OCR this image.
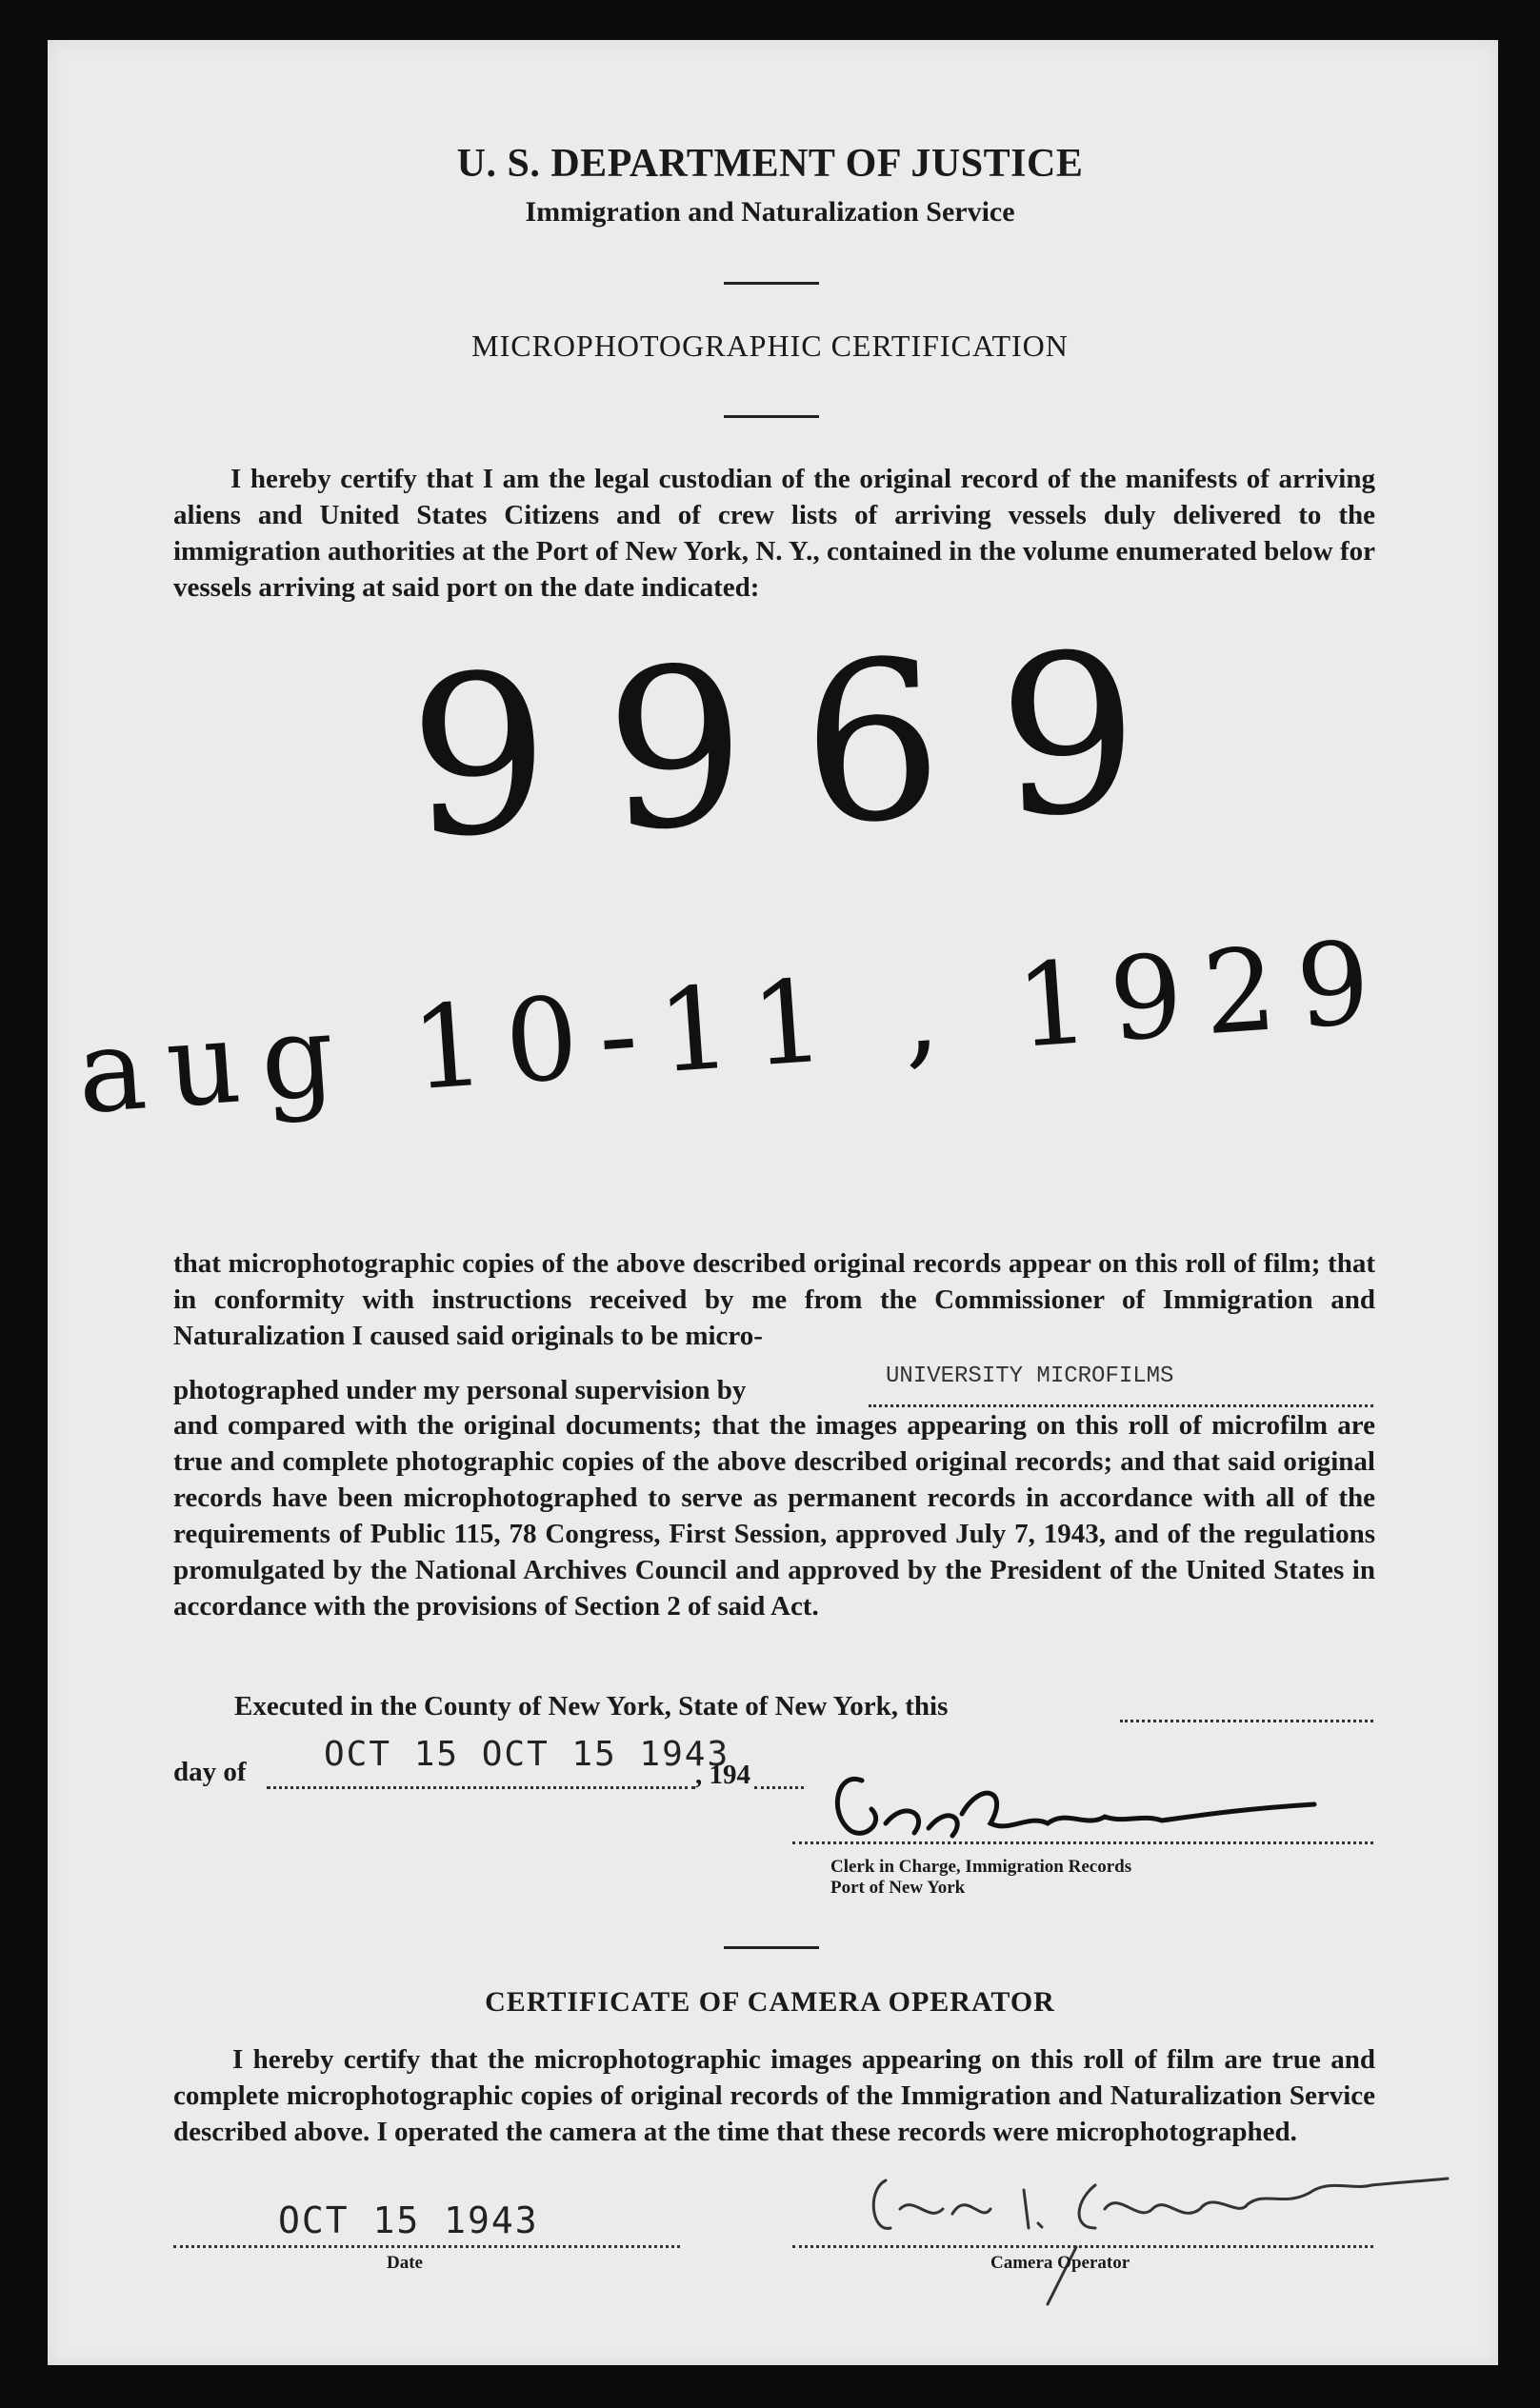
U. S. DEPARTMENT OF JUSTICE
Immigration and Naturalization Service
MICROPHOTOGRAPHIC CERTIFICATION

I hereby certify that I am the legal custodian of the original record of the manifests of arriving aliens and United States Citizens and of crew lists of arriving vessels duly delivered to the immigration authorities at the Port of New York, N. Y., contained in the volume enumerated below for vessels arriving at said port on the date indicated:

9969
aug 10-11 , 1929

that microphotographic copies of the above described original records appear on this roll of film; that in conformity with instructions received by me from the Commissioner of Immigration and Naturalization I caused said originals to be micro-

photographed under my personal supervision by	UNIVERSITY MICROFILMS

and compared with the original documents; that the images appearing on this roll of microfilm are true and complete photographic copies of the above described original records; and that said original records have been microphotographed to serve as permanent records in accordance with all of the requirements of Public 115, 78 Congress, First Session, approved July 7, 1943, and of the regulations promulgated by the National Archives Council and approved by the President of the United States in accordance with the provisions of Section 2 of said Act.

Executed in the County of New York, State of New York, this
day of OCT 15 OCT 15 1943
, 194
Clerk in Charge, Immigration Records
Port of New York
CERTIFICATE OF CAMERA OPERATOR

I hereby certify that the microphotographic images appearing on this roll of film are true and complete microphotographic copies of original records of the Immigration and Naturalization Service described above. I operated the camera at the time that these records were microphotographed.

OCT 15 1943
Date	Camera Operator
